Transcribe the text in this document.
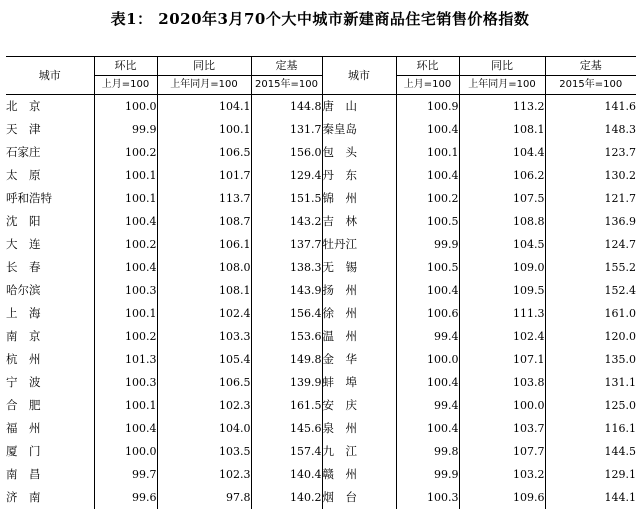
表1： 2020年3月70个大中城市新建商品住宅销售价格指数
城市	环比	同比	定基	城市	环比	同比	定基
	上月=100	上年同月=100	2015年=100		上月=100	上年同月=100	2015年=100
北　京	100.0	104.1	144.8	唐　山	100.9	113.2	141.6
天　津	99.9	100.1	131.7	秦皇岛	100.4	108.1	148.3
石家庄	100.2	106.5	156.0	包　头	100.1	104.4	123.7
太　原	100.1	101.7	129.4	丹　东	100.4	106.2	130.2
呼和浩特	100.1	113.7	151.5	锦　州	100.2	107.5	121.7
沈　阳	100.4	108.7	143.2	吉　林	100.5	108.8	136.9
大　连	100.2	106.1	137.7	牡丹江	99.9	104.5	124.7
长　春	100.4	108.0	138.3	无　锡	100.5	109.0	155.2
哈尔滨	100.3	108.1	143.9	扬　州	100.4	109.5	152.4
上　海	100.1	102.4	156.4	徐　州	100.6	111.3	161.0
南　京	100.2	103.3	153.6	温　州	99.4	102.4	120.0
杭　州	101.3	105.4	149.8	金　华	100.0	107.1	135.0
宁　波	100.3	106.5	139.9	蚌　埠	100.4	103.8	131.1
合　肥	100.1	102.3	161.5	安　庆	99.4	100.0	125.0
福　州	100.4	104.0	145.6	泉　州	100.4	103.7	116.1
厦　门	100.0	103.5	157.4	九　江	99.8	107.7	144.5
南　昌	99.7	102.3	140.4	赣　州	99.9	103.2	129.1
济　南	99.6	97.8	140.2	烟　台	100.3	109.6	144.1
